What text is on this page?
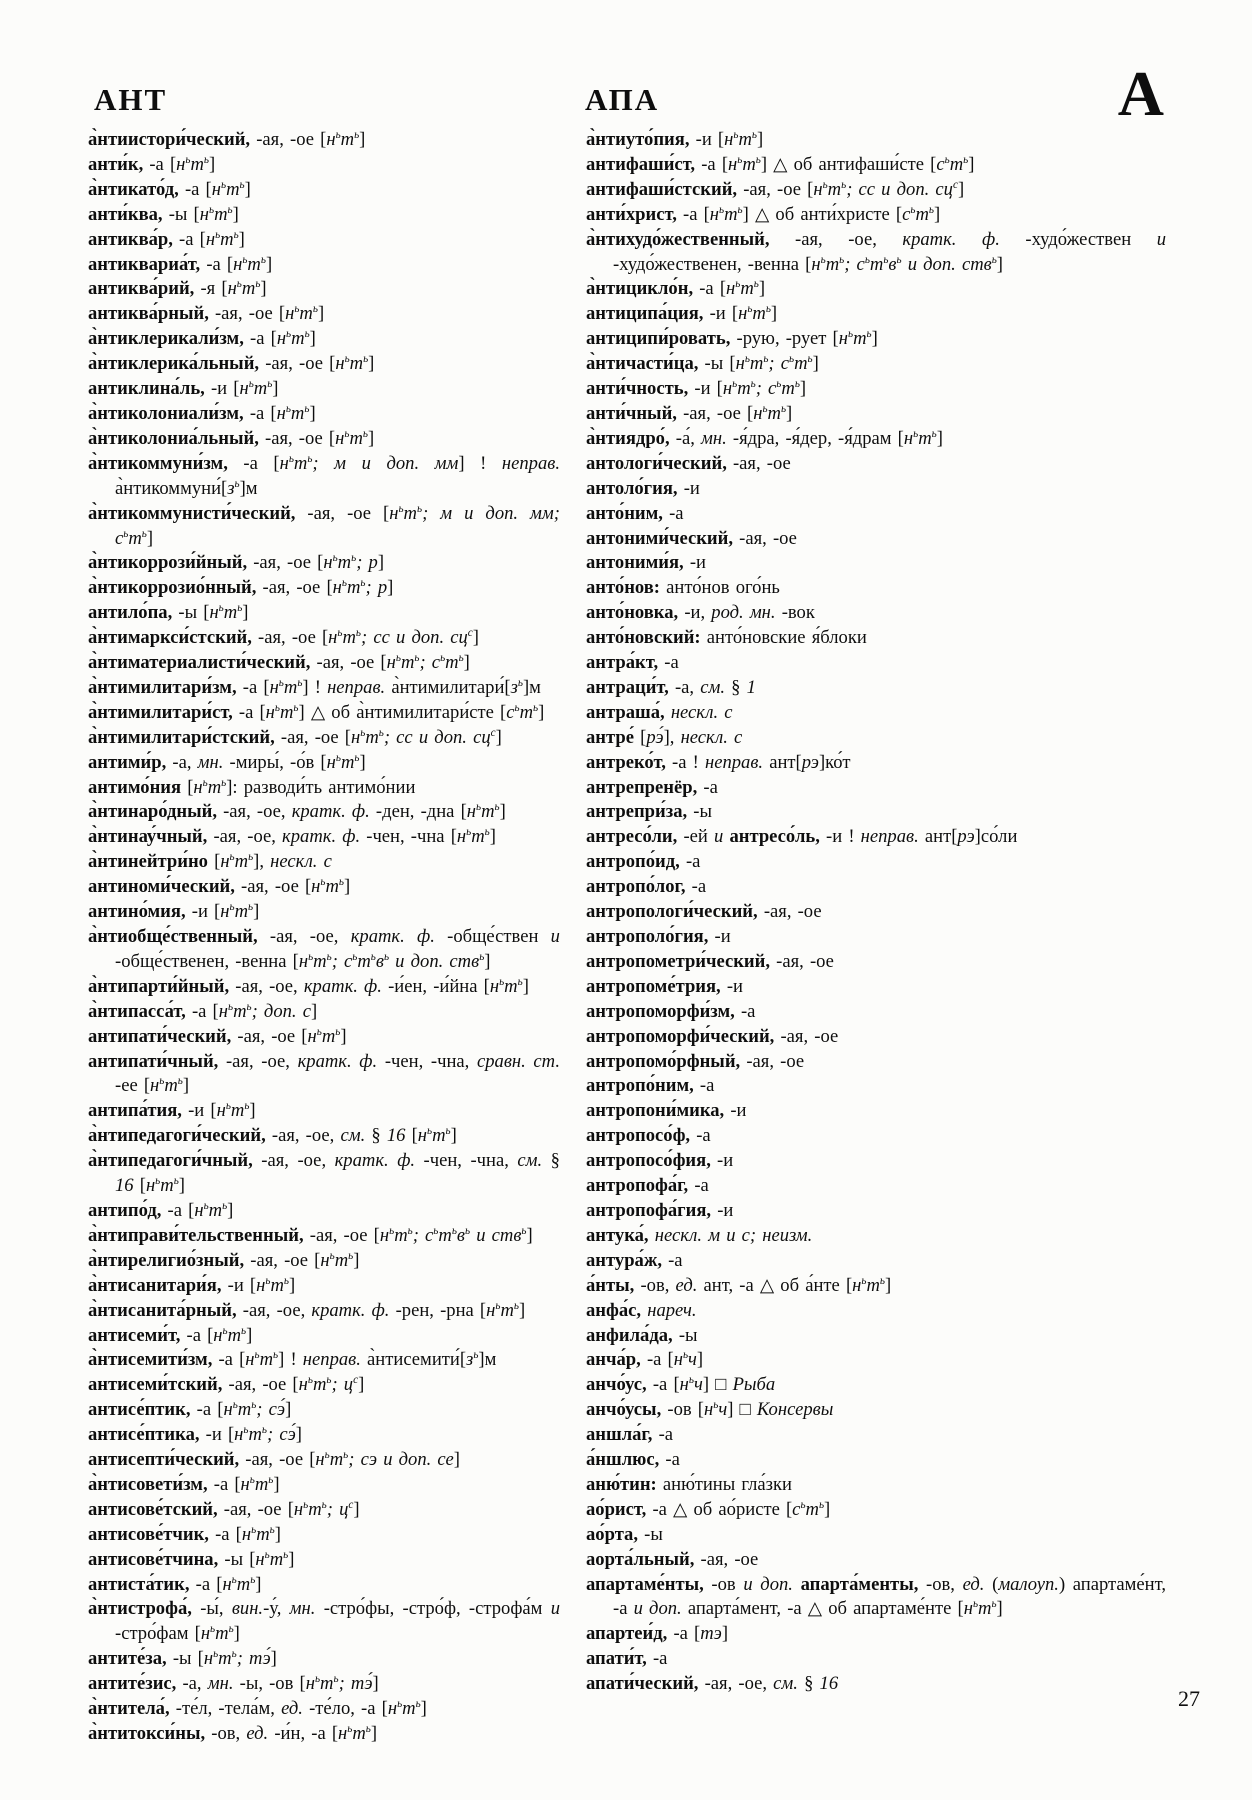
АНТ	АПА	А
а̀нтиистори́ческий, -ая, -ое $[н^ьт^ь]$
анти́к, -а $[н^ьт^ь]$
а̀нтикато́д, -а $[н^ьт^ь]$
анти́ква, -ы $[н^ьт^ь]$
антиква́р, -а $[н^ьт^ь]$
антиквариа́т, -а $[н^ьт^ь]$
антиква́рий, -я $[н^ьт^ь]$
антиква́рный, -ая, -ое $[н^ьт^ь]$
а̀нтиклерикали́зм, -а $[н^ьт^ь]$
а̀нтиклерика́льный, -ая, -ое $[н^ьт^ь]$
антиклина́ль, -и $[н^ьт^ь]$
а̀нтиколониали́зм, -а $[н^ьт^ь]$
а̀нтиколониа́льный, -ая, -ое $[н^ьт^ь]$
а̀нтикоммуни́зм, -а [$н^ьт^ь$; м и доп. мм] ! неправ. $а̀нтикоммуни́[з^ь]м$
а̀нтикоммунисти́ческий, -ая, -ое [$н^ьт^ь$; м и доп. мм; $с^ьт^ь$]
а̀нтикоррози́йный, -ая, -ое [$н^ьт^ь$; р]
а̀нтикоррозио́нный, -ая, -ое [$н^ьт^ь$; р]
антило́па, -ы $[н^ьт^ь]$
а̀нтимаркси́стский, -ая, -ое [$н^ьт^ь$; сс и доп. $сц^с$]
а̀нтиматериалисти́ческий, -ая, -ое [$н^ьт^ь$; $с^ьт^ь$]
а̀нтимилитари́зм, -а $[н^ьт^ь]$ ! неправ. $а̀нтимилитари́[з^ь]м$
а̀нтимилитари́ст, -а $[н^ьт^ь]$ △ об а̀нтимилитари́сте $[с^ьт^ь]$
а̀нтимилитари́стский, -ая, -ое [$н^ьт^ь$; сс и доп. $сц^с$]
антими́р, -а, мн. -миры́, -о́в $[н^ьт^ь]$
антимо́ния $[н^ьт^ь]$: разводи́ть антимо́нии
а̀нтинаро́дный, -ая, -ое, кратк. ф. -ден, -дна $[н^ьт^ь]$
а̀нтинау́чный, -ая, -ое, кратк. ф. -чен, -чна $[н^ьт^ь]$
а̀нтинейтри́но $[н^ьт^ь]$, нескл. с
антиноми́ческий, -ая, -ое $[н^ьт^ь]$
антино́мия, -и $[н^ьт^ь]$
а̀нтиобще́ственный, -ая, -ое, кратк. ф. -обще́ствен и -обще́ственен, -венна [$н^ьт^ь$; $с^ьт^ьв^ь$ и доп. ств$^ь$]
а̀нтипарти́йный, -ая, -ое, кратк. ф. -и́ен, -и́йна $[н^ьт^ь]$
а̀нтипасса́т, -а [$н^ьт^ь$; доп. с]
антипати́ческий, -ая, -ое $[н^ьт^ь]$
антипати́чный, -ая, -ое, кратк. ф. -чен, -чна, сравн. ст. -ее $[н^ьт^ь]$
антипа́тия, -и $[н^ьт^ь]$
а̀нтипедагоги́ческий, -ая, -ое, см. § 16 $[н^ьт^ь]$
а̀нтипедагоги́чный, -ая, -ое, кратк. ф. -чен, -чна, см. § 16 $[н^ьт^ь]$
антипо́д, -а $[н^ьт^ь]$
а̀нтиправи́тельственный, -ая, -ое [$н^ьт^ь$; $с^ьт^ьв^ь$ и ств$^ь$]
а̀нтирелигио́зный, -ая, -ое $[н^ьт^ь]$
а̀нтисанитари́я, -и $[н^ьт^ь]$
а̀нтисанита́рный, -ая, -ое, кратк. ф. -рен, -рна $[н^ьт^ь]$
антисеми́т, -а $[н^ьт^ь]$
а̀нтисемити́зм, -а $[н^ьт^ь]$ ! неправ. $а̀нтисемити́[з^ь]м$
антисеми́тский, -ая, -ое [$н^ьт^ь$; $ц^с$]
антисе́птик, -а [$н^ьт^ь$; сэ́]
антисе́птика, -и [$н^ьт^ь$; сэ́]
антисепти́ческий, -ая, -ое [$н^ьт^ь$; сэ и доп. се]
а̀нтисовети́зм, -а $[н^ьт^ь]$
антисове́тский, -ая, -ое [$н^ьт^ь$; $ц^с$]
антисове́тчик, -а $[н^ьт^ь]$
антисове́тчина, -ы $[н^ьт^ь]$
антиста́тик, -а $[н^ьт^ь]$
а̀нтистрофа́, -ы́, вин.-у́, мн. -стро́фы, -стро́ф, -строфа́м и -стро́фам $[н^ьт^ь]$
антите́за, -ы [$н^ьт^ь$; тэ́]
антите́зис, -а, мн. -ы, -ов [$н^ьт^ь$; тэ́]
а̀нтитела́, -те́л, -тела́м, ед. -те́ло, -а $[н^ьт^ь]$
а̀нтитокси́ны, -ов, ед. -и́н, -а $[н^ьт^ь]$
а̀нтиуто́пия, -и $[н^ьт^ь]$
антифаши́ст, -а $[н^ьт^ь]$ △ об антифаши́сте $[с^ьт^ь]$
антифаши́стский, -ая, -ое [$н^ьт^ь$; сс и доп. $сц^с$]
анти́христ, -а $[н^ьт^ь]$ △ об анти́христе $[с^ьт^ь]$
а̀нтихудо́жественный, -ая, -ое, кратк. ф. -худо́жествен и -худо́жественен, -венна [$н^ьт^ь$; $с^ьт^ьв^ь$ и доп. ств$^ь$]
а̀нтицикло́н, -а $[н^ьт^ь]$
антиципа́ция, -и $[н^ьт^ь]$
антиципи́ровать, -рую, -рует $[н^ьт^ь]$
а̀нтичасти́ца, -ы [$н^ьт^ь$; $с^ьт^ь$]
анти́чность, -и [$н^ьт^ь$; $с^ьт^ь$]
анти́чный, -ая, -ое $[н^ьт^ь]$
а̀нтиядро́, -а́, мн. -я́дра, -я́дер, -я́драм $[н^ьт^ь]$
антологи́ческий, -ая, -ое
антоло́гия, -и
анто́ним, -а
антоними́ческий, -ая, -ое
антоними́я, -и
анто́нов: анто́нов ого́нь
анто́новка, -и, род. мн. -вок
анто́новский: анто́новские я́блоки
антра́кт, -а
антраци́т, -а, см. § 1
антраша́, нескл. с
антре́ [рэ́], нескл. с
антреко́т, -а ! неправ. ант[рэ]ко́т
антрепренёр, -а
антрепри́за, -ы
антресо́ли, -ей и антресо́ль, -и ! неправ. ант[рэ]со́ли
антропо́ид, -а
антропо́лог, -а
антропологи́ческий, -ая, -ое
антрополо́гия, -и
антропометри́ческий, -ая, -ое
антропоме́трия, -и
антропоморфи́зм, -а
антропоморфи́ческий, -ая, -ое
антропомо́рфный, -ая, -ое
антропо́ним, -а
антропони́мика, -и
антропосо́ф, -а
антропосо́фия, -и
антропофа́г, -а
антропофа́гия, -и
антука́, нескл. м и с; неизм.
антура́ж, -а
а́нты, -ов, ед. ант, -а △ об а́нте $[н^ьт^ь]$
анфа́с, нареч.
анфила́да, -ы
анча́р, -а $[н^ьч]$
анчо́ус, -а $[н^ьч]$ □ Рыба
анчо́усы, -ов $[н^ьч]$ □ Консервы
аншла́г, -а
а́ншлюс, -а
аню́тин: аню́тины гла́зки
ао́рист, -а △ об ао́ристе $[с^ьт^ь]$
ао́рта, -ы
аорта́льный, -ая, -ое
апартаме́нты, -ов и доп. апарта́менты, -ов, ед. (малоуп.) апартаме́нт, -а и доп. апарта́мент, -а △ об апартаме́нте $[н^ьт^ь]$
апартеи́д, -а [тэ]
апати́т, -а
апати́ческий, -ая, -ое, см. § 16
27
